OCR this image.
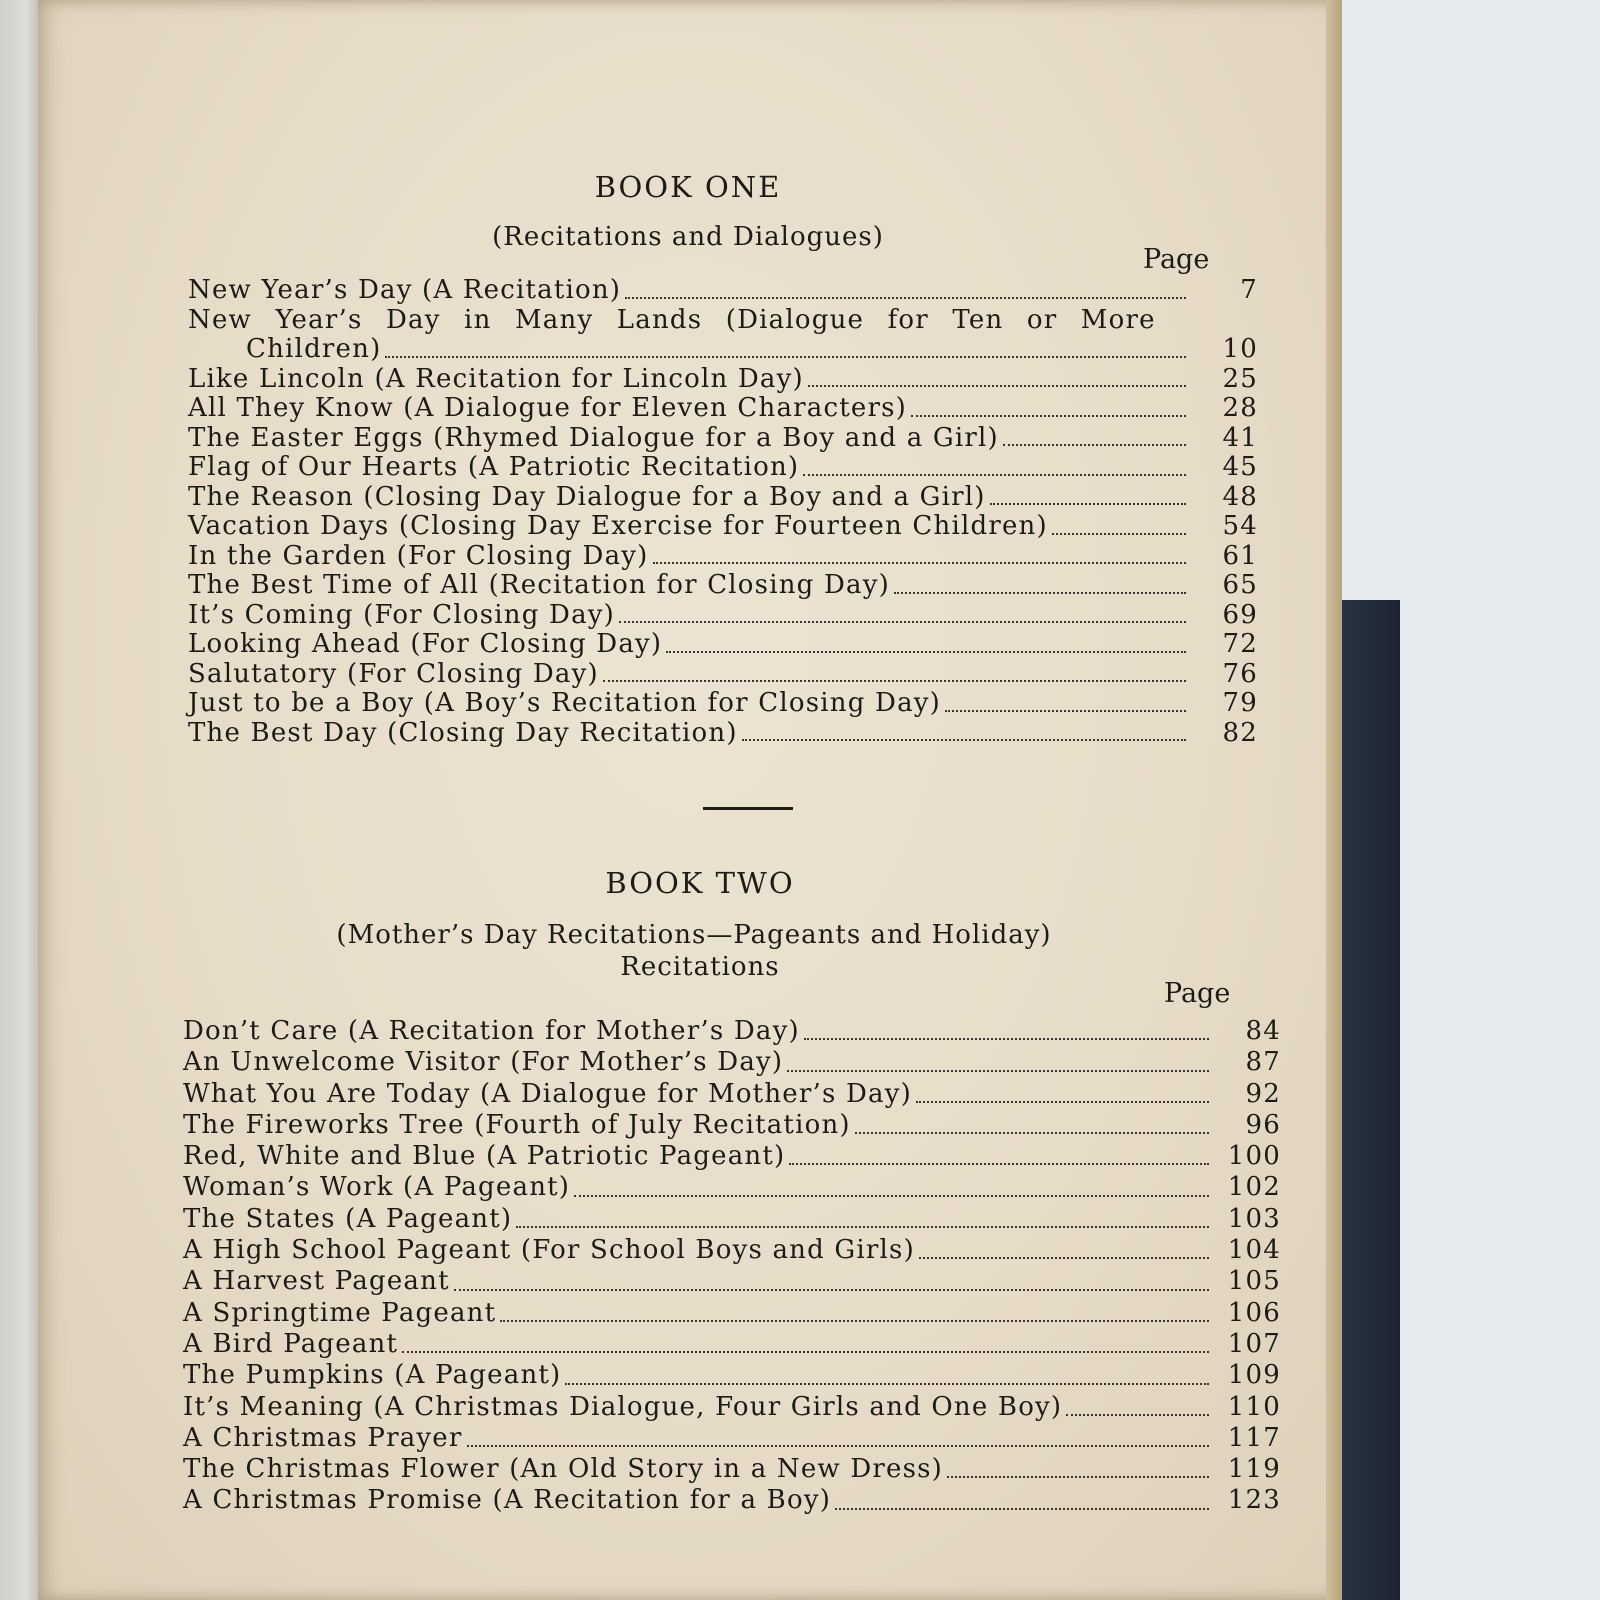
BOOK ONE
(Recitations and Dialogues)
Page
New Year’s Day (A Recitation)	7
New Year’s Day in Many Lands (Dialogue for Ten or More
Children)	10
Like Lincoln (A Recitation for Lincoln Day)	25
All They Know (A Dialogue for Eleven Characters)	28
The Easter Eggs (Rhymed Dialogue for a Boy and a Girl)	41
Flag of Our Hearts (A Patriotic Recitation)	45
The Reason (Closing Day Dialogue for a Boy and a Girl)	48
Vacation Days (Closing Day Exercise for Fourteen Children)	54
In the Garden (For Closing Day)	61
The Best Time of All (Recitation for Closing Day)	65
It’s Coming (For Closing Day)	69
Looking Ahead (For Closing Day)	72
Salutatory (For Closing Day)	76
Just to be a Boy (A Boy’s Recitation for Closing Day)	79
The Best Day (Closing Day Recitation)	82
BOOK TWO
(Mother’s Day Recitations—Pageants and Holiday)
Recitations
Page
Don’t Care (A Recitation for Mother’s Day)	84
An Unwelcome Visitor (For Mother’s Day)	87
What You Are Today (A Dialogue for Mother’s Day)	92
The Fireworks Tree (Fourth of July Recitation)	96
Red, White and Blue (A Patriotic Pageant)	100
Woman’s Work (A Pageant)	102
The States (A Pageant)	103
A High School Pageant (For School Boys and Girls)	104
A Harvest Pageant	105
A Springtime Pageant	106
A Bird Pageant	107
The Pumpkins (A Pageant)	109
It’s Meaning (A Christmas Dialogue, Four Girls and One Boy)	110
A Christmas Prayer	117
The Christmas Flower (An Old Story in a New Dress)	119
A Christmas Promise (A Recitation for a Boy)	123
